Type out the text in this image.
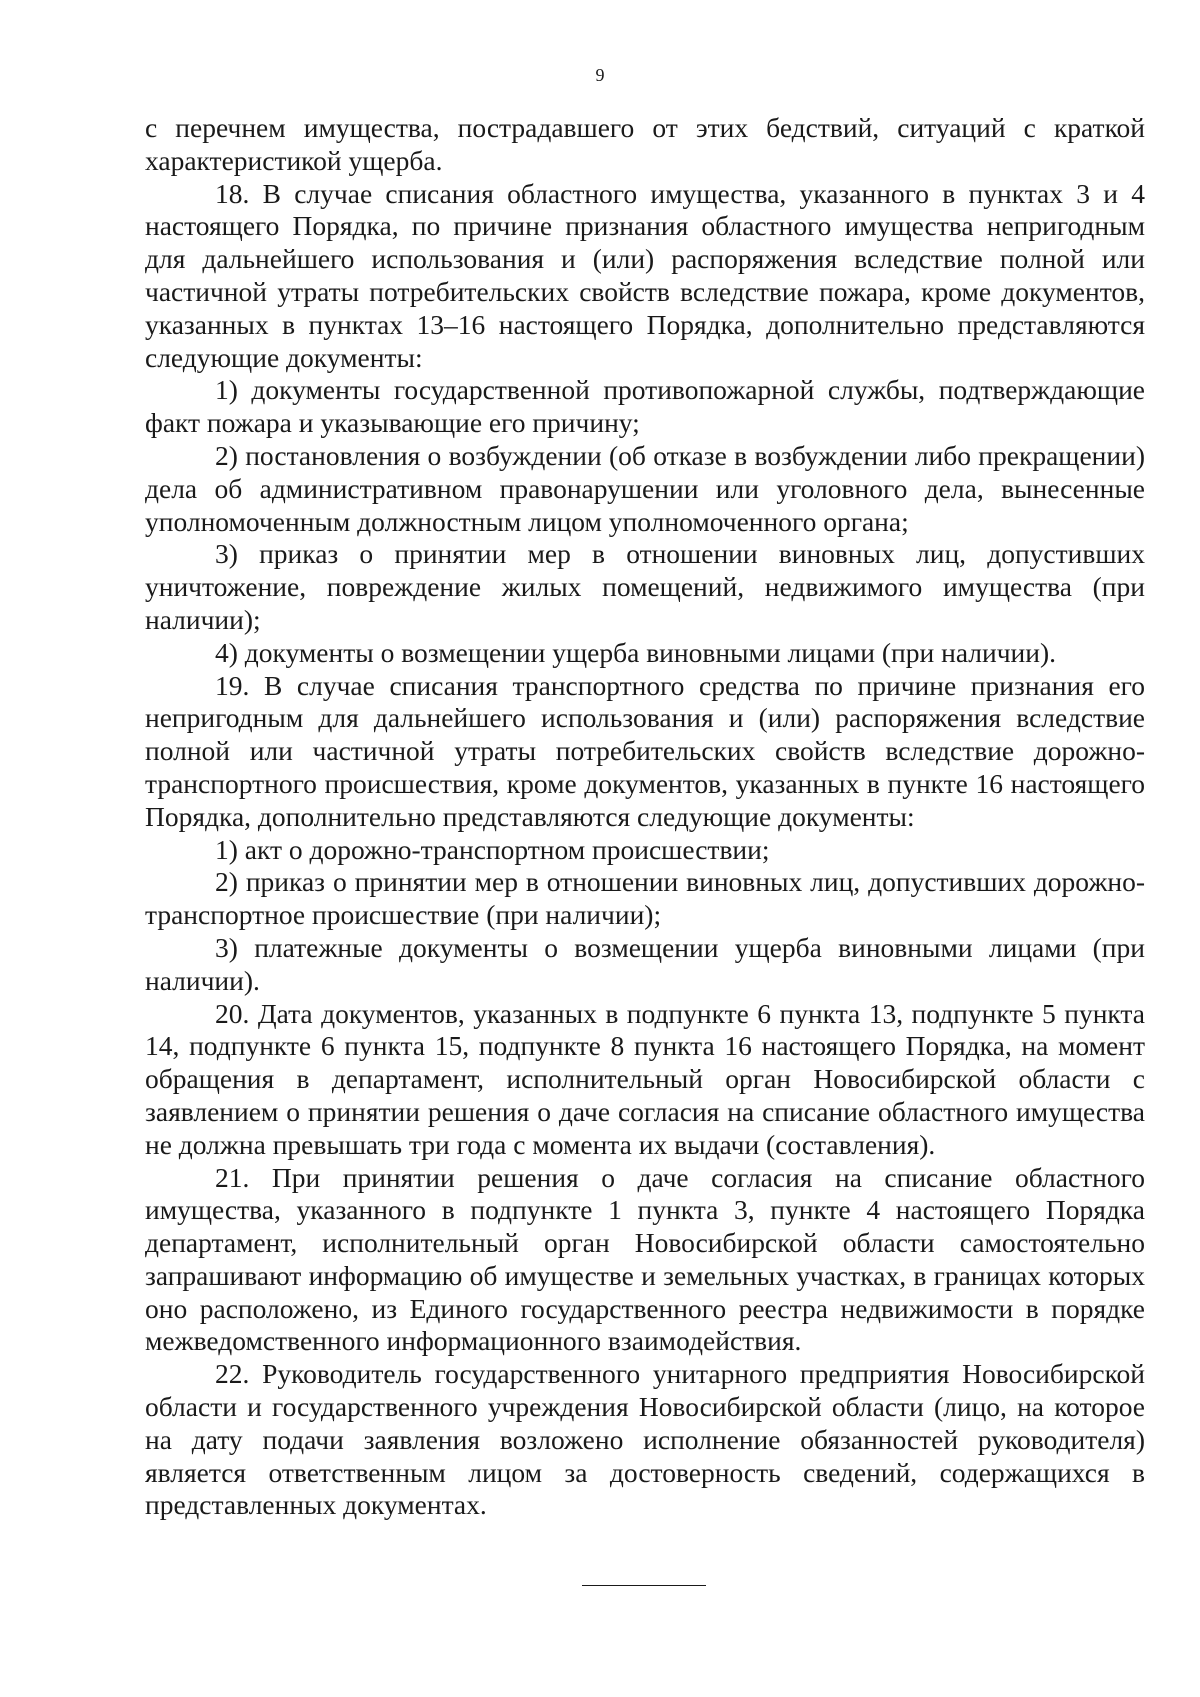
9

с перечнем имущества, пострадавшего от этих бедствий, ситуаций с краткой характеристикой ущерба.

18. В случае списания областного имущества, указанного в пунктах 3 и 4 настоящего Порядка, по причине признания областного имущества непригодным для дальнейшего использования и (или) распоряжения вследствие полной или частичной утраты потребительских свойств вследствие пожара, кроме документов, указанных в пунктах 13–16 настоящего Порядка, дополнительно представляются следующие документы:

1) документы государственной противопожарной службы, подтверждающие факт пожара и указывающие его причину;

2) постановления о возбуждении (об отказе в возбуждении либо прекращении) дела об административном правонарушении или уголовного дела, вынесенные уполномоченным должностным лицом уполномоченного органа;

3) приказ о принятии мер в отношении виновных лиц, допустивших уничтожение, повреждение жилых помещений, недвижимого имущества (при наличии);

4) документы о возмещении ущерба виновными лицами (при наличии).

19. В случае списания транспортного средства по причине признания его непригодным для дальнейшего использования и (или) распоряжения вследствие полной или частичной утраты потребительских свойств вследствие дорожно-транспортного происшествия, кроме документов, указанных в пункте 16 настоящего Порядка, дополнительно представляются следующие документы:

1) акт о дорожно-транспортном происшествии;

2) приказ о принятии мер в отношении виновных лиц, допустивших дорожно-транспортное происшествие (при наличии);

3) платежные документы о возмещении ущерба виновными лицами (при наличии).

20. Дата документов, указанных в подпункте 6 пункта 13, подпункте 5 пункта 14, подпункте 6 пункта 15, подпункте 8 пункта 16 настоящего Порядка, на момент обращения в департамент, исполнительный орган Новосибирской области с заявлением о принятии решения о даче согласия на списание областного имущества не должна превышать три года с момента их выдачи (составления).

21. При принятии решения о даче согласия на списание областного имущества, указанного в подпункте 1 пункта 3, пункте 4 настоящего Порядка департамент, исполнительный орган Новосибирской области самостоятельно запрашивают информацию об имуществе и земельных участках, в границах которых оно расположено, из Единого государственного реестра недвижимости в порядке межведомственного информационного взаимодействия.

22. Руководитель государственного унитарного предприятия Новосибирской области и государственного учреждения Новосибирской области (лицо, на которое на дату подачи заявления возложено исполнение обязанностей руководителя) является ответственным лицом за достоверность сведений, содержащихся в представленных документах.
